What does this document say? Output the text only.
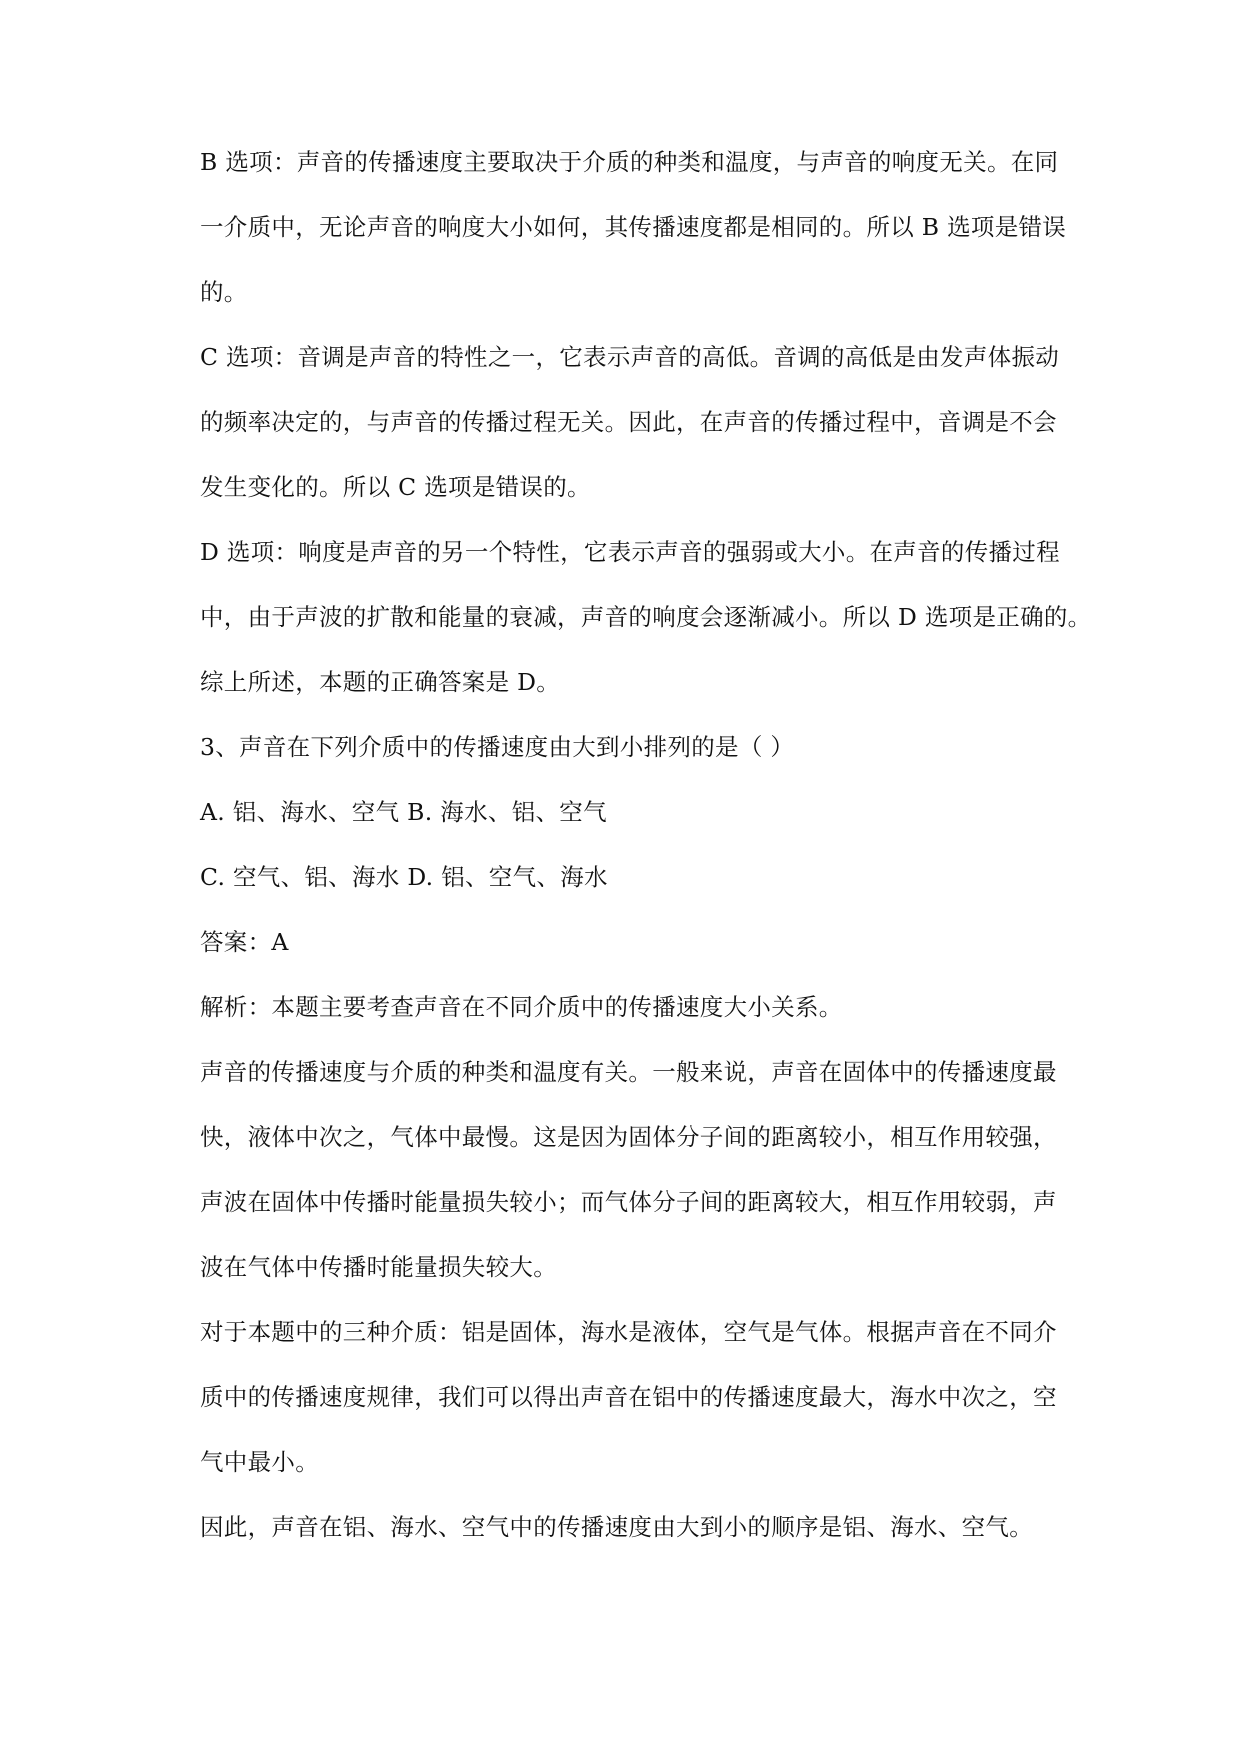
B 选项：声音的传播速度主要取决于介质的种类和温度，与声音的响度无关。在同
一介质中，无论声音的响度大小如何，其传播速度都是相同的。所以 B 选项是错误
的。
C 选项：音调是声音的特性之一，它表示声音的高低。音调的高低是由发声体振动
的频率决定的，与声音的传播过程无关。因此，在声音的传播过程中，音调是不会
发生变化的。所以 C 选项是错误的。
D 选项：响度是声音的另一个特性，它表示声音的强弱或大小。在声音的传播过程
中，由于声波的扩散和能量的衰减，声音的响度会逐渐减小。所以 D 选项是正确的。
综上所述，本题的正确答案是 D。
3、声音在下列介质中的传播速度由大到小排列的是（ ）
A. 铝、海水、空气 B. 海水、铝、空气
C. 空气、铝、海水 D. 铝、空气、海水
答案：A
解析：本题主要考查声音在不同介质中的传播速度大小关系。
声音的传播速度与介质的种类和温度有关。一般来说，声音在固体中的传播速度最
快，液体中次之，气体中最慢。这是因为固体分子间的距离较小，相互作用较强，
声波在固体中传播时能量损失较小；而气体分子间的距离较大，相互作用较弱，声
波在气体中传播时能量损失较大。
对于本题中的三种介质：铝是固体，海水是液体，空气是气体。根据声音在不同介
质中的传播速度规律，我们可以得出声音在铝中的传播速度最大，海水中次之，空
气中最小。
因此，声音在铝、海水、空气中的传播速度由大到小的顺序是铝、海水、空气。
